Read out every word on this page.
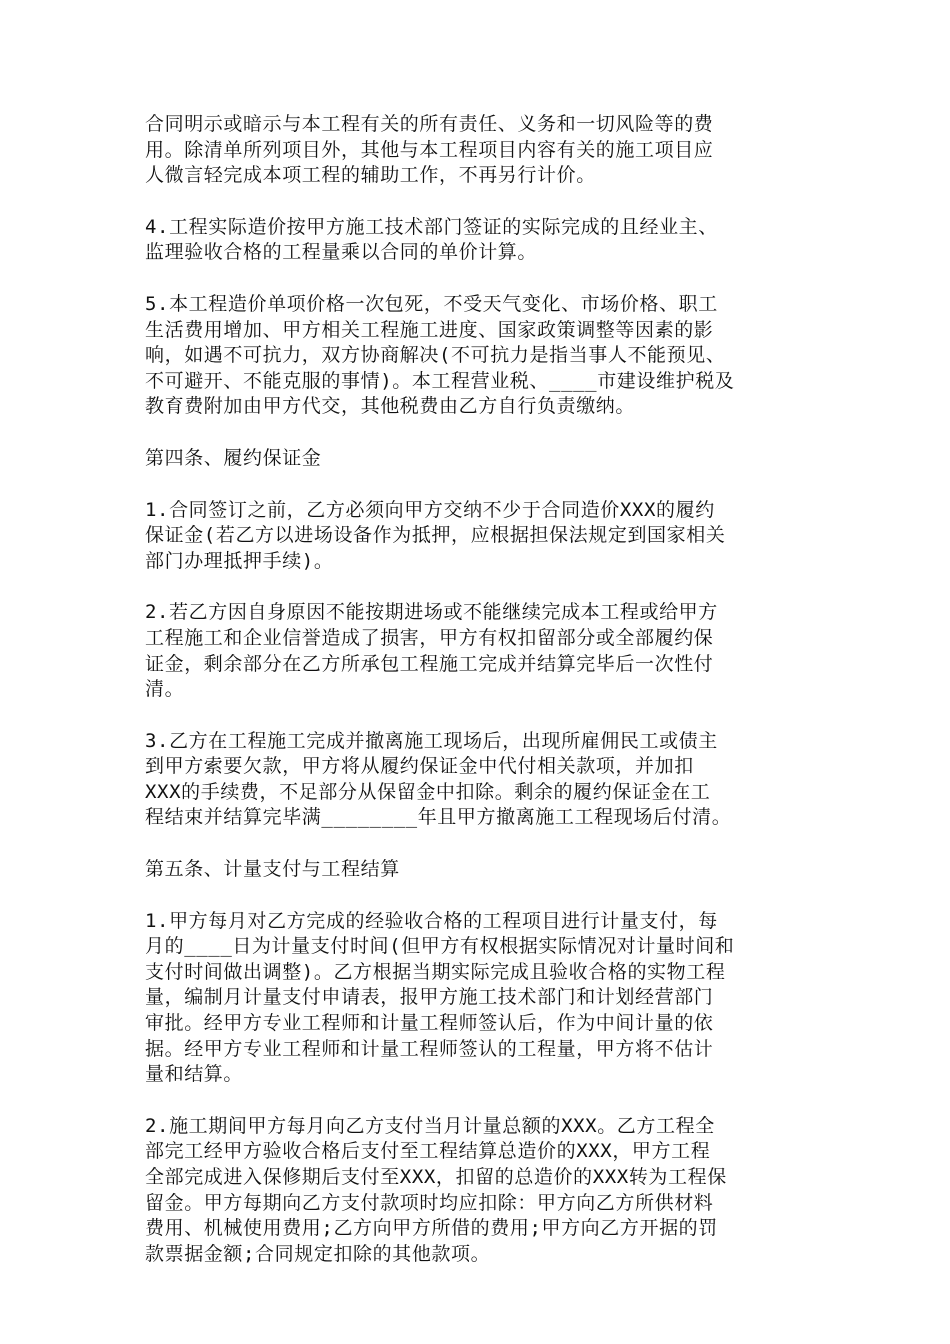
合同明示或暗示与本工程有关的所有责任、义务和一切风险等的费
用。除清单所列项目外，其他与本工程项目内容有关的施工项目应
人微言轻完成本项工程的辅助工作，不再另行计价。

4.工程实际造价按甲方施工技术部门签证的实际完成的且经业主、
监理验收合格的工程量乘以合同的单价计算。

5.本工程造价单项价格一次包死，不受天气变化、市场价格、职工
生活费用增加、甲方相关工程施工进度、国家政策调整等因素的影
响，如遇不可抗力，双方协商解决(不可抗力是指当事人不能预见、
不可避开、不能克服的事情)。本工程营业税、____市建设维护税及
教育费附加由甲方代交，其他税费由乙方自行负责缴纳。

第四条、履约保证金

1.合同签订之前，乙方必须向甲方交纳不少于合同造价XXX的履约
保证金(若乙方以进场设备作为抵押，应根据担保法规定到国家相关
部门办理抵押手续)。

2.若乙方因自身原因不能按期进场或不能继续完成本工程或给甲方
工程施工和企业信誉造成了损害，甲方有权扣留部分或全部履约保
证金，剩余部分在乙方所承包工程施工完成并结算完毕后一次性付
清。

3.乙方在工程施工完成并撤离施工现场后，出现所雇佣民工或债主
到甲方索要欠款，甲方将从履约保证金中代付相关款项，并加扣
XXX的手续费，不足部分从保留金中扣除。剩余的履约保证金在工
程结束并结算完毕满________年且甲方撤离施工工程现场后付清。

第五条、计量支付与工程结算

1.甲方每月对乙方完成的经验收合格的工程项目进行计量支付，每
月的____日为计量支付时间(但甲方有权根据实际情况对计量时间和
支付时间做出调整)。乙方根据当期实际完成且验收合格的实物工程
量，编制月计量支付申请表，报甲方施工技术部门和计划经营部门
审批。经甲方专业工程师和计量工程师签认后，作为中间计量的依
据。经甲方专业工程师和计量工程师签认的工程量，甲方将不估计
量和结算。

2.施工期间甲方每月向乙方支付当月计量总额的XXX。乙方工程全
部完工经甲方验收合格后支付至工程结算总造价的XXX，甲方工程
全部完成进入保修期后支付至XXX，扣留的总造价的XXX转为工程保
留金。甲方每期向乙方支付款项时均应扣除：甲方向乙方所供材料
费用、机械使用费用;乙方向甲方所借的费用;甲方向乙方开据的罚
款票据金额;合同规定扣除的其他款项。
